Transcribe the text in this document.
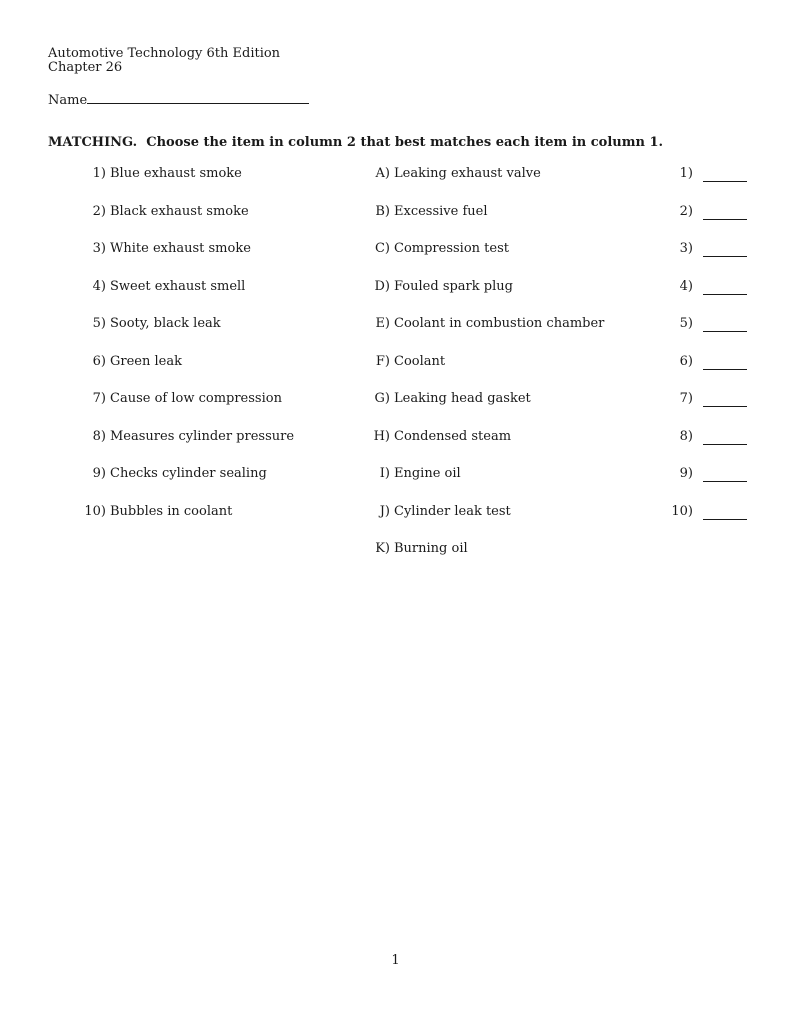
Automotive Technology 6th Edition
Chapter 26
Name
MATCHING.  Choose the item in column 2 that best matches each item in column 1.
1) Blue exhaust smoke	A) Leaking exhaust valve	1)
2) Black exhaust smoke	B) Excessive fuel	2)
3) White exhaust smoke	C) Compression test	3)
4) Sweet exhaust smell	D) Fouled spark plug	4)
5) Sooty, black leak	E) Coolant in combustion chamber	5)
6) Green leak	F) Coolant	6)
7) Cause of low compression	G) Leaking head gasket	7)
8) Measures cylinder pressure	H) Condensed steam	8)
9) Checks cylinder sealing	I) Engine oil	9)
10) Bubbles in coolant	J) Cylinder leak test	10)
K) Burning oil
1
